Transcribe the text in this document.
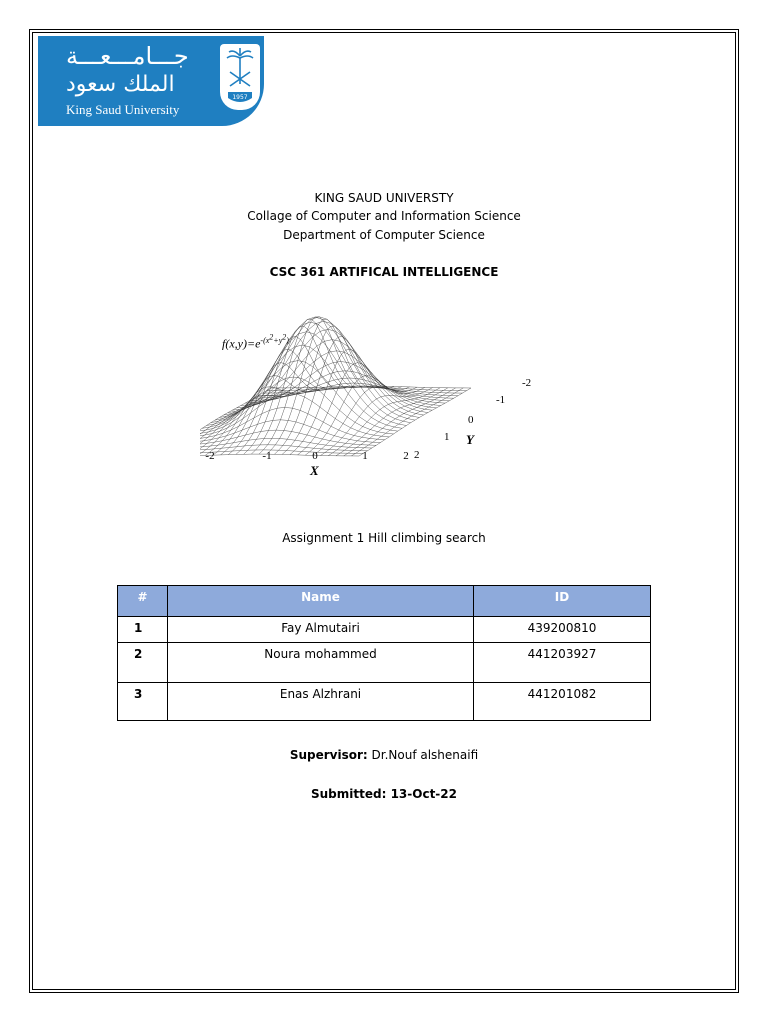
جـــامـــعـــة
الملك سعود
King Saud University
1957
KING SAUD UNIVERSTY
Collage of Computer and Information Science
Department of Computer Science
CSC 361 ARTIFICAL INTELLIGENCE
$f(x,y)=e^{-(x^2+y^2)}$
-2	-1	0	1	2 2
1
0
-1
-2
X
Y
Assignment 1 Hill climbing search
#	Name	ID
1	Fay Almutairi	439200810
2	Noura mohammed	441203927
3	Enas Alzhrani	441201082
Supervisor: Dr.Nouf alshenaifi
Submitted: 13-Oct-22
